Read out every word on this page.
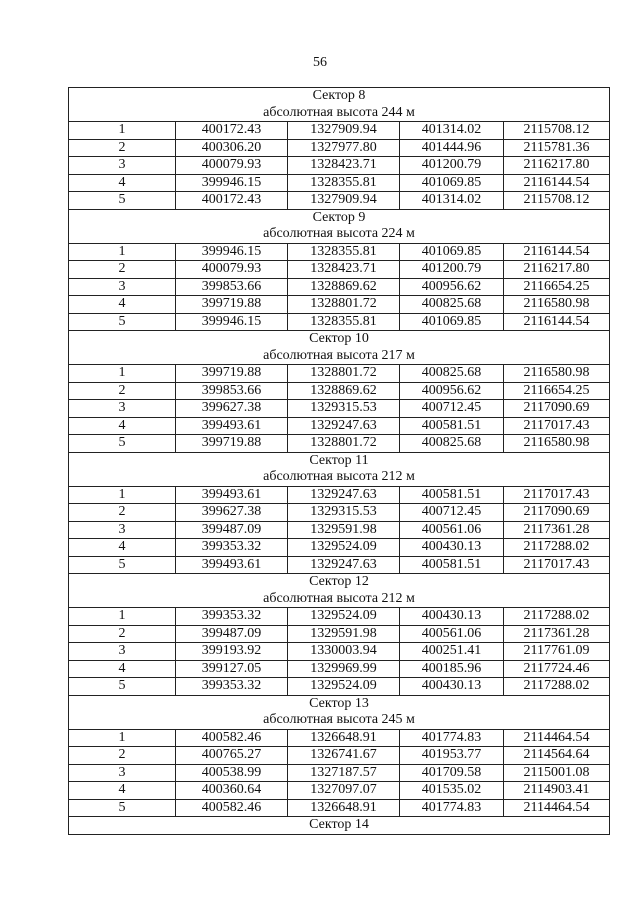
56
Сектор 8				
абсолютная высота 244 м				
1	400172.43	1327909.94	401314.02	2115708.12
2	400306.20	1327977.80	401444.96	2115781.36
3	400079.93	1328423.71	401200.79	2116217.80
4	399946.15	1328355.81	401069.85	2116144.54
5	400172.43	1327909.94	401314.02	2115708.12
Сектор 9				
абсолютная высота 224 м				
1	399946.15	1328355.81	401069.85	2116144.54
2	400079.93	1328423.71	401200.79	2116217.80
3	399853.66	1328869.62	400956.62	2116654.25
4	399719.88	1328801.72	400825.68	2116580.98
5	399946.15	1328355.81	401069.85	2116144.54
Сектор 10				
абсолютная высота 217 м				
1	399719.88	1328801.72	400825.68	2116580.98
2	399853.66	1328869.62	400956.62	2116654.25
3	399627.38	1329315.53	400712.45	2117090.69
4	399493.61	1329247.63	400581.51	2117017.43
5	399719.88	1328801.72	400825.68	2116580.98
Сектор 11				
абсолютная высота 212 м				
1	399493.61	1329247.63	400581.51	2117017.43
2	399627.38	1329315.53	400712.45	2117090.69
3	399487.09	1329591.98	400561.06	2117361.28
4	399353.32	1329524.09	400430.13	2117288.02
5	399493.61	1329247.63	400581.51	2117017.43
Сектор 12				
абсолютная высота 212 м				
1	399353.32	1329524.09	400430.13	2117288.02
2	399487.09	1329591.98	400561.06	2117361.28
3	399193.92	1330003.94	400251.41	2117761.09
4	399127.05	1329969.99	400185.96	2117724.46
5	399353.32	1329524.09	400430.13	2117288.02
Сектор 13				
абсолютная высота 245 м				
1	400582.46	1326648.91	401774.83	2114464.54
2	400765.27	1326741.67	401953.77	2114564.64
3	400538.99	1327187.57	401709.58	2115001.08
4	400360.64	1327097.07	401535.02	2114903.41
5	400582.46	1326648.91	401774.83	2114464.54
Сектор 14				
